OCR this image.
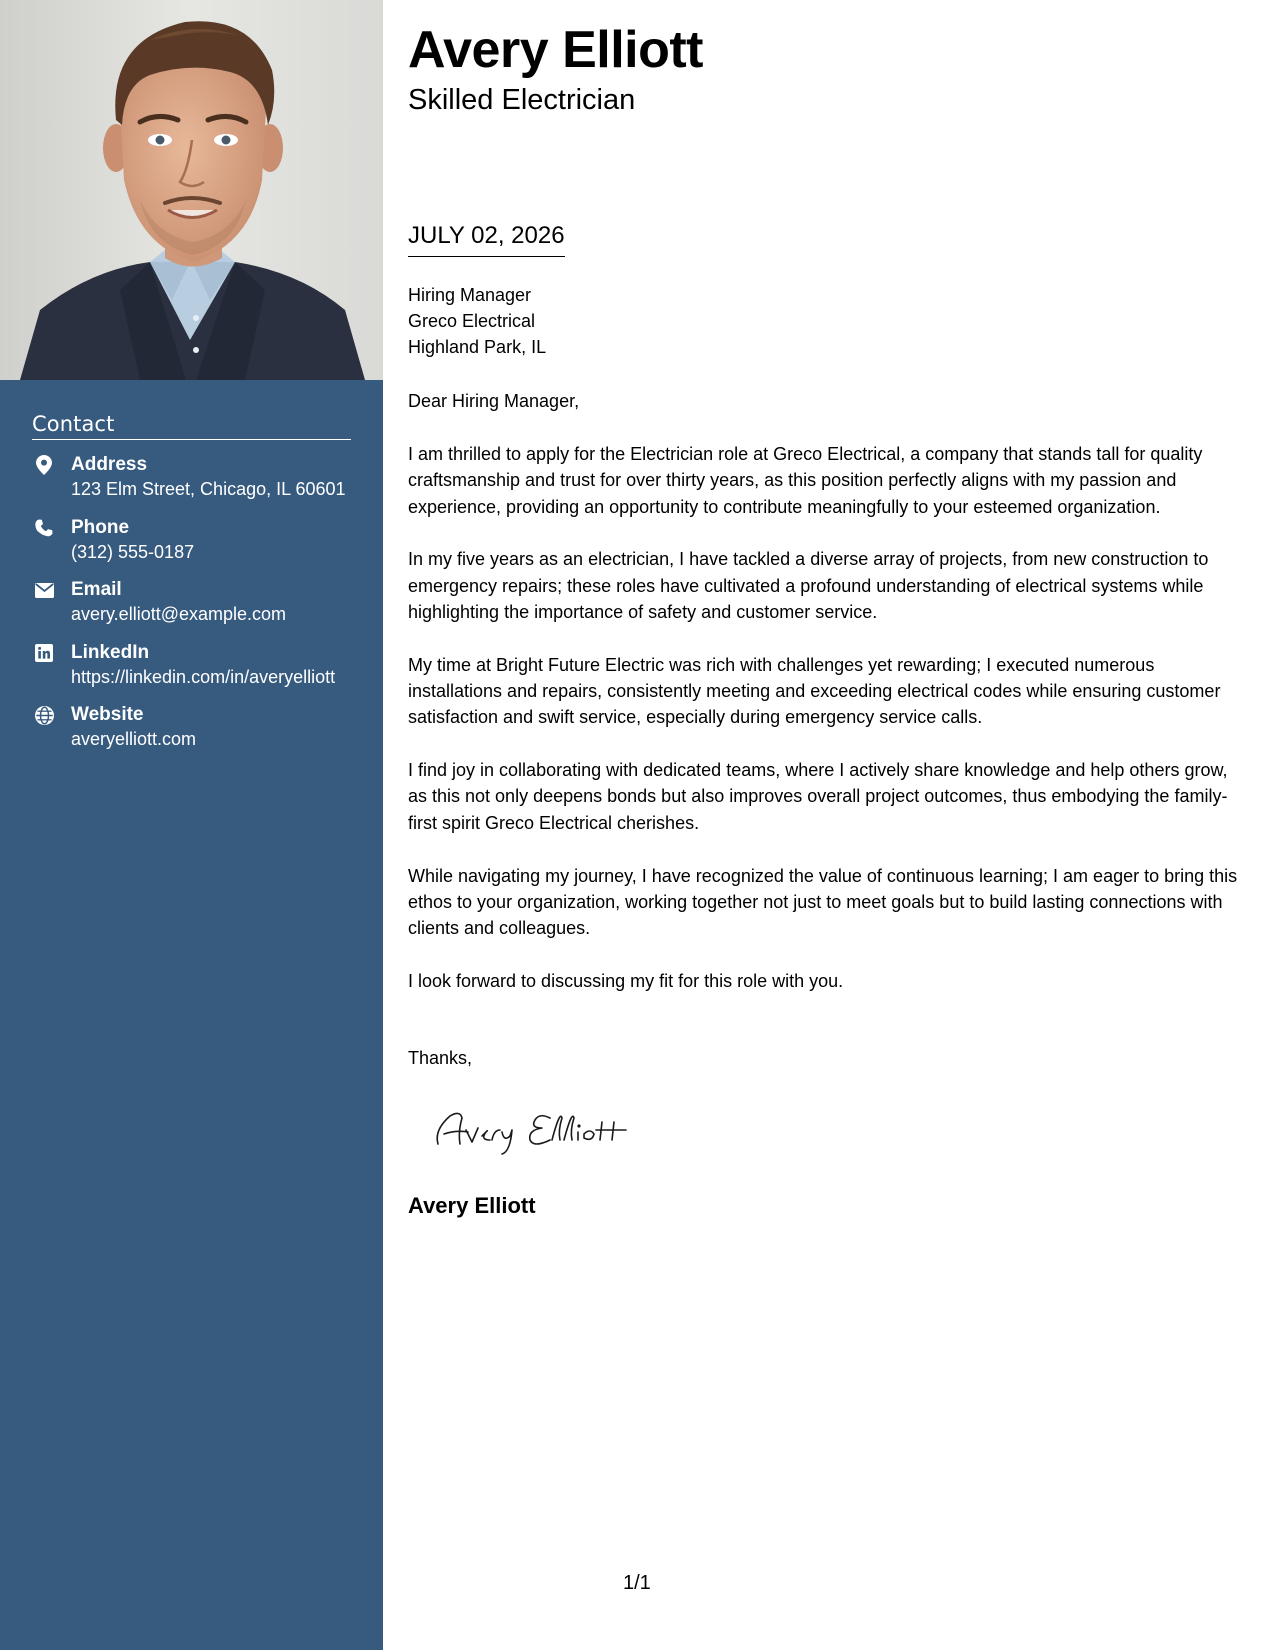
Contact
Address
123 Elm Street, Chicago, IL 60601
Phone
(312) 555-0187
Email
avery.elliott@example.com
LinkedIn
https://linkedin.com/in/averyelliott
Website
averyelliott.com
Avery Elliott
Skilled Electrician
JULY 02, 2026
Hiring Manager
Greco Electrical
Highland Park, IL
Dear Hiring Manager,

I am thrilled to apply for the Electrician role at Greco Electrical, a company that stands tall for quality craftsmanship and trust for over thirty years, as this position perfectly aligns with my passion and experience, providing an opportunity to contribute meaningfully to your esteemed organization.

In my five years as an electrician, I have tackled a diverse array of projects, from new construction to emergency repairs; these roles have cultivated a profound understanding of electrical systems while highlighting the importance of safety and customer service.

My time at Bright Future Electric was rich with challenges yet rewarding; I executed numerous installations and repairs, consistently meeting and exceeding electrical codes while ensuring customer satisfaction and swift service, especially during emergency service calls.

I find joy in collaborating with dedicated teams, where I actively share knowledge and help others grow, as this not only deepens bonds but also improves overall project outcomes, thus embodying the family-first spirit Greco Electrical cherishes.

While navigating my journey, I have recognized the value of continuous learning; I am eager to bring this ethos to your organization, working together not just to meet goals but to build lasting connections with clients and colleagues.

I look forward to discussing my fit for this role with you.

Thanks,
Avery Elliott
1/1
